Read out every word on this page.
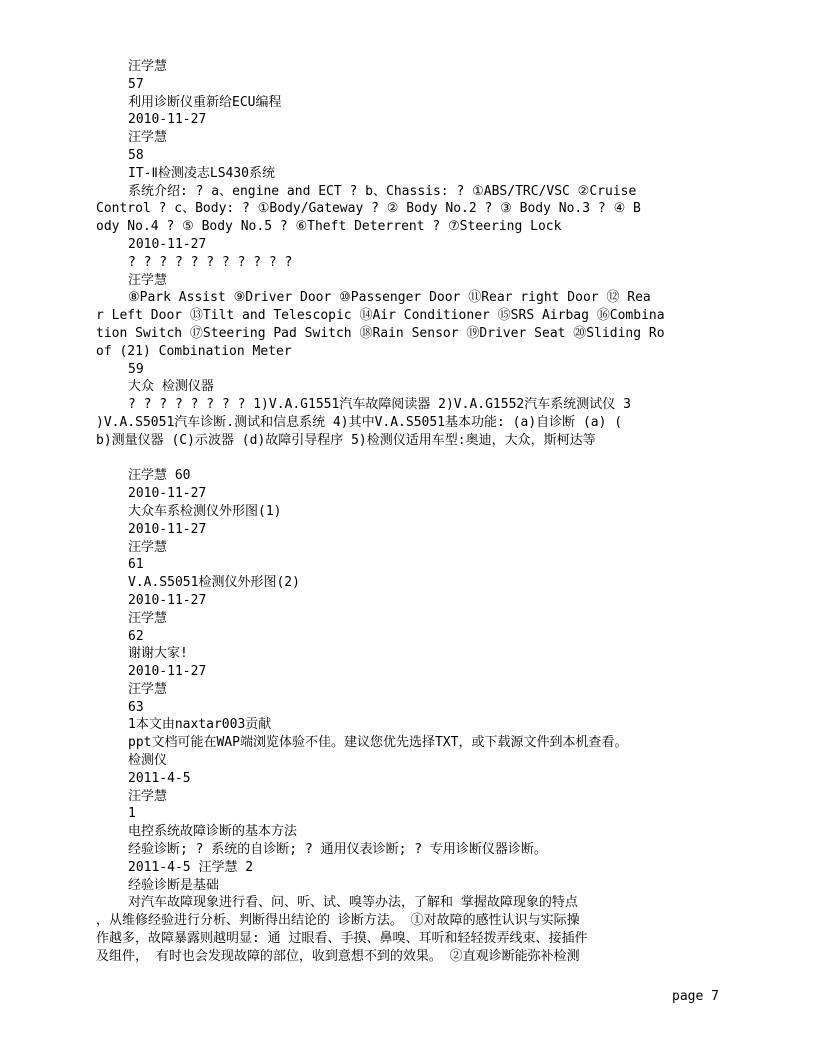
汪学慧
57
利用诊断仪重新给ECU编程
2010-11-27
汪学慧
58
IT-Ⅱ检测凌志LS430系统
系统介绍: ? a、engine and ECT ? b、Chassis: ? ①ABS/TRC/VSC ②Cruise
Control ? c、Body: ? ①Body/Gateway ? ② Body No.2 ? ③ Body No.3 ? ④ B
ody No.4 ? ⑤ Body No.5 ? ⑥Theft Deterrent ? ⑦Steering Lock
2010-11-27
? ? ? ? ? ? ? ? ? ? ?
汪学慧
⑧Park Assist ⑨Driver Door ⑩Passenger Door ⑪Rear right Door ⑫ Rea
r Left Door ⑬Tilt and Telescopic ⑭Air Conditioner ⑮SRS Airbag ⑯Combina
tion Switch ⑰Steering Pad Switch ⑱Rain Sensor ⑲Driver Seat ⑳Sliding Ro
of (21) Combination Meter
59
大众 检测仪器
? ? ? ? ? ? ? ? 1)V.A.G1551汽车故障阅读器 2)V.A.G1552汽车系统测试仪 3
)V.A.S5051汽车诊断.测试和信息系统 4)其中V.A.S5051基本功能: (a)自诊断 (a) (
b)测量仪器 (C)示波器 (d)故障引导程序 5)检测仪适用车型:奥迪，大众，斯柯达等
汪学慧 60
2010-11-27
大众车系检测仪外形图(1)
2010-11-27
汪学慧
61
V.A.S5051检测仪外形图(2)
2010-11-27
汪学慧
62
谢谢大家!
2010-11-27
汪学慧
63
1本文由naxtar003贡献
ppt文档可能在WAP端浏览体验不佳。建议您优先选择TXT，或下载源文件到本机查看。
检测仪
2011-4-5
汪学慧
1
电控系统故障诊断的基本方法
经验诊断; ? 系统的自诊断; ? 通用仪表诊断; ? 专用诊断仪器诊断。
2011-4-5 汪学慧 2
经验诊断是基础
对汽车故障现象进行看、问、听、试、嗅等办法，了解和 掌握故障现象的特点
，从维修经验进行分析、判断得出结论的 诊断方法。 ①对故障的感性认识与实际操
作越多，故障暴露则越明显: 通 过眼看、手摸、鼻嗅、耳听和轻轻拨弄线束、接插件
及组件， 有时也会发现故障的部位，收到意想不到的效果。 ②直观诊断能弥补检测
page 7
